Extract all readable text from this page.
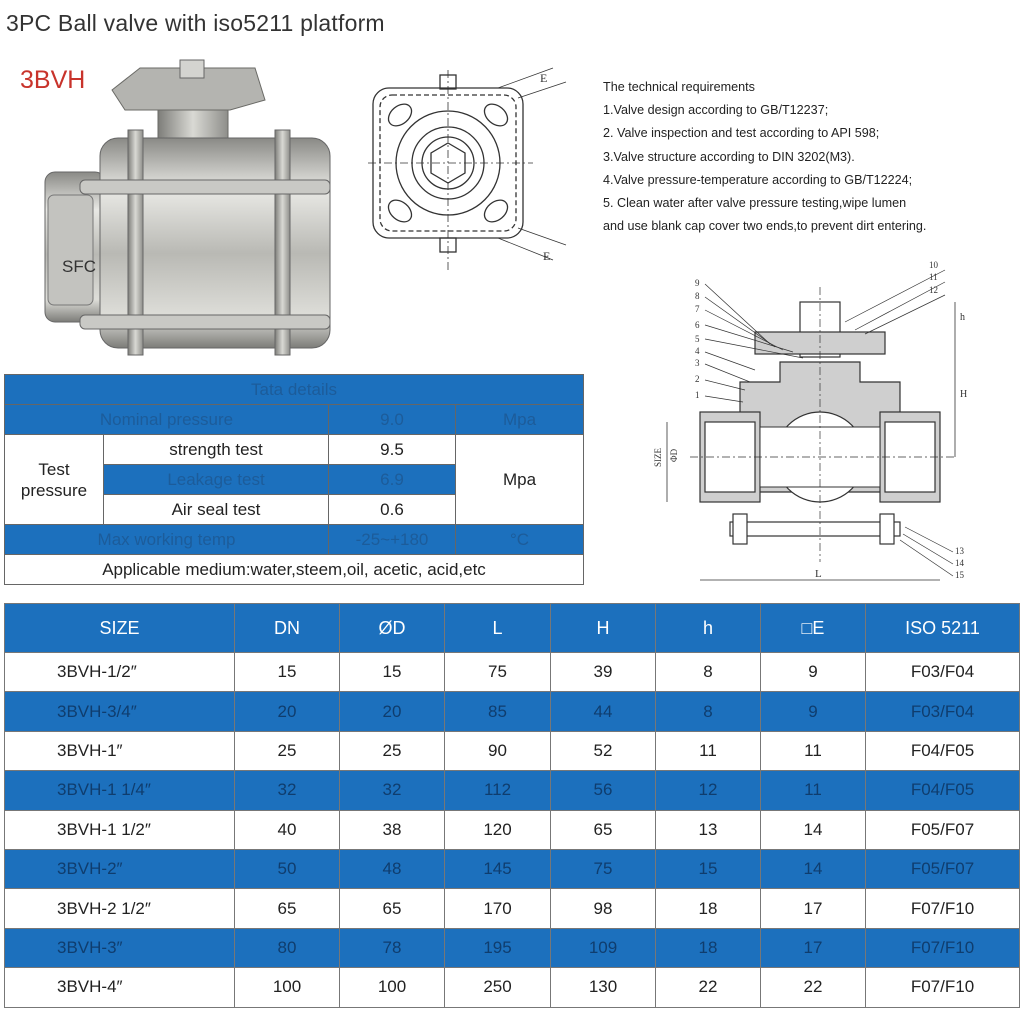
3PC Ball valve with iso5211 platform
3BVH
SFC
E
E
The technical requirements
1.Valve design according to GB/T12237;
2. Valve inspection and test according to API 598;
3.Valve structure according to DIN 3202(M3).
4.Valve pressure-temperature according to GB/T12224;
5. Clean water after valve pressure testing,wipe lumen
and use blank cap cover two ends,to prevent dirt entering.
L
H
h
SIZE ΦD
9
8
7
6
5
4
3
2
1
10
11
12
13
14
15
Tata details			
Nominal pressure		9.0	Mpa
Test pressure	strength test	9.5	Mpa
	Leakage test	6.9	
	Air seal test	0.6	
Max working temp		-25~+180	°C
Applicable medium:water,steem,oil, acetic, acid,etc			
SIZE	DN	ØD	L	H	h	□E	ISO 5211
3BVH-1/2″	15	15	75	39	8	9	F03/F04
3BVH-3/4″	20	20	85	44	8	9	F03/F04
3BVH-1″	25	25	90	52	11	11	F04/F05
3BVH-1 1/4″	32	32	112	56	12	11	F04/F05
3BVH-1 1/2″	40	38	120	65	13	14	F05/F07
3BVH-2″	50	48	145	75	15	14	F05/F07
3BVH-2 1/2″	65	65	170	98	18	17	F07/F10
3BVH-3″	80	78	195	109	18	17	F07/F10
3BVH-4″	100	100	250	130	22	22	F07/F10
